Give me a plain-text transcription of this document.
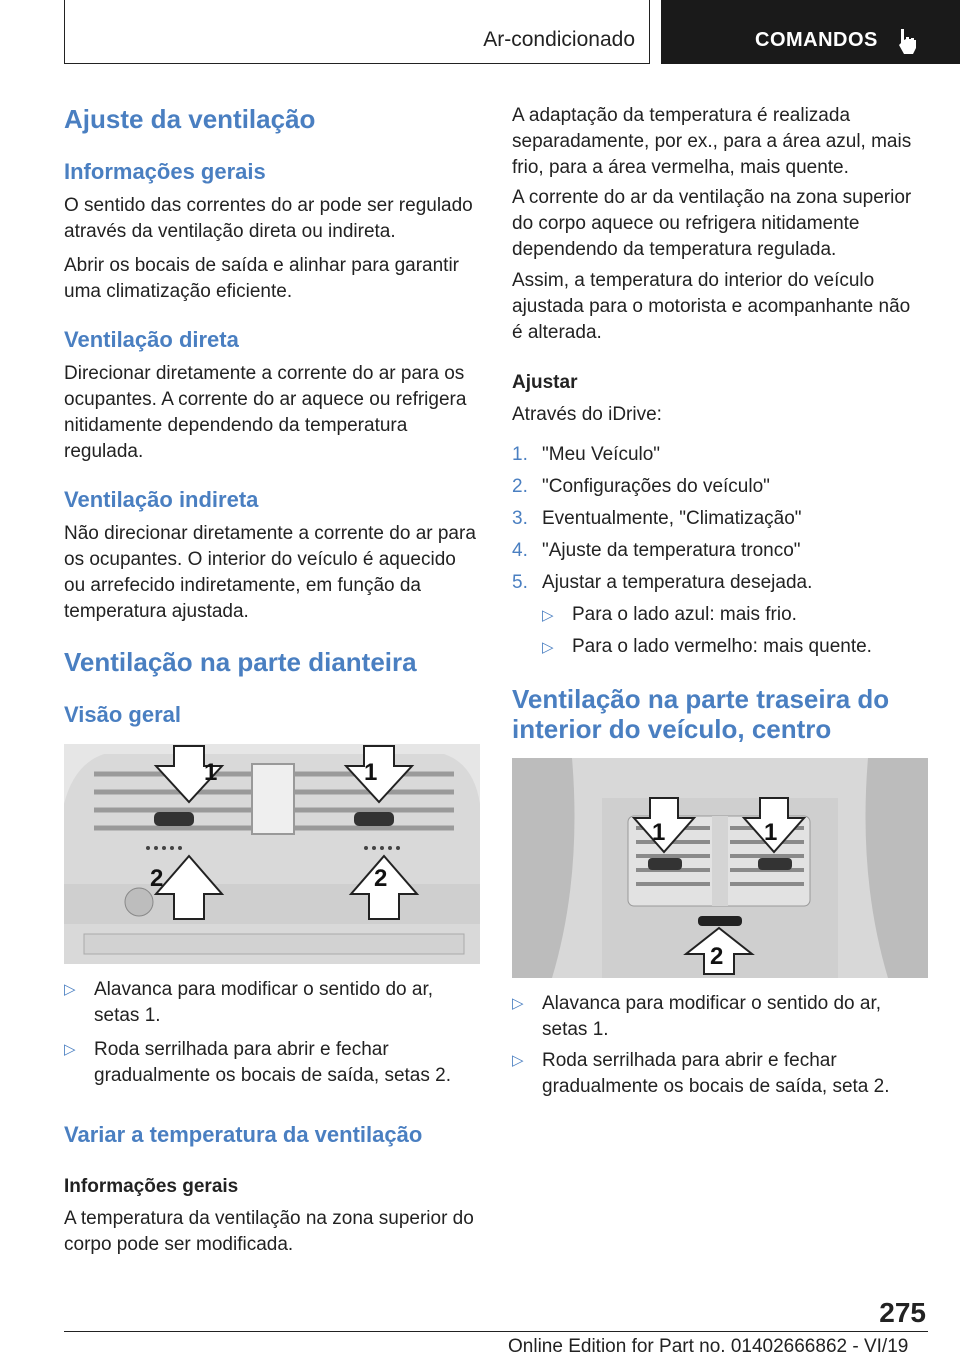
Ar-condicionado	COMANDOS
Ajuste da ventilação
Informações gerais

O sentido das correntes do ar pode ser regulado através da ventilação direta ou indireta.

Abrir os bocais de saída e alinhar para garantir uma climatização eficiente.

Ventilação direta

Direcionar diretamente a corrente do ar para os ocupantes. A corrente do ar aquece ou refrigera nitidamente dependendo da temperatura regulada.

Ventilação indireta

Não direcionar diretamente a corrente do ar para os ocupantes. O interior do veículo é aquecido ou arrefecido indiretamente, em função da temperatura ajustada.

Ventilação na parte dianteira
Visão geral
1	1
2	2
▷ Alavanca para modificar o sentido do ar, setas 1.
▷ Roda serrilhada para abrir e fechar gradualmente os bocais de saída, setas 2.
Variar a temperatura da ventilação
Informações gerais

A temperatura da ventilação na zona superior do corpo pode ser modificada.

A adaptação da temperatura é realizada separadamente, por ex., para a área azul, mais frio, para a área vermelha, mais quente.

A corrente do ar da ventilação na zona superior do corpo aquece ou refrigera nitidamente dependendo da temperatura regulada.

Assim, a temperatura do interior do veículo ajustada para o motorista e acompanhante não é alterada.

Ajustar

Através do iDrive:

1. "Meu Veículo"
2. "Configurações do veículo"
3. Eventualmente, "Climatização"
4. "Ajuste da temperatura tronco"
5. Ajustar a temperatura desejada.
▷ Para o lado azul: mais frio.
▷ Para o lado vermelho: mais quente.
Ventilação na parte traseira do interior do veículo, centro
1	1
2
▷ Alavanca para modificar o sentido do ar, setas 1.
▷ Roda serrilhada para abrir e fechar gradualmente os bocais de saída, seta 2.
275
Online Edition for Part no. 01402666862 - VI/19
